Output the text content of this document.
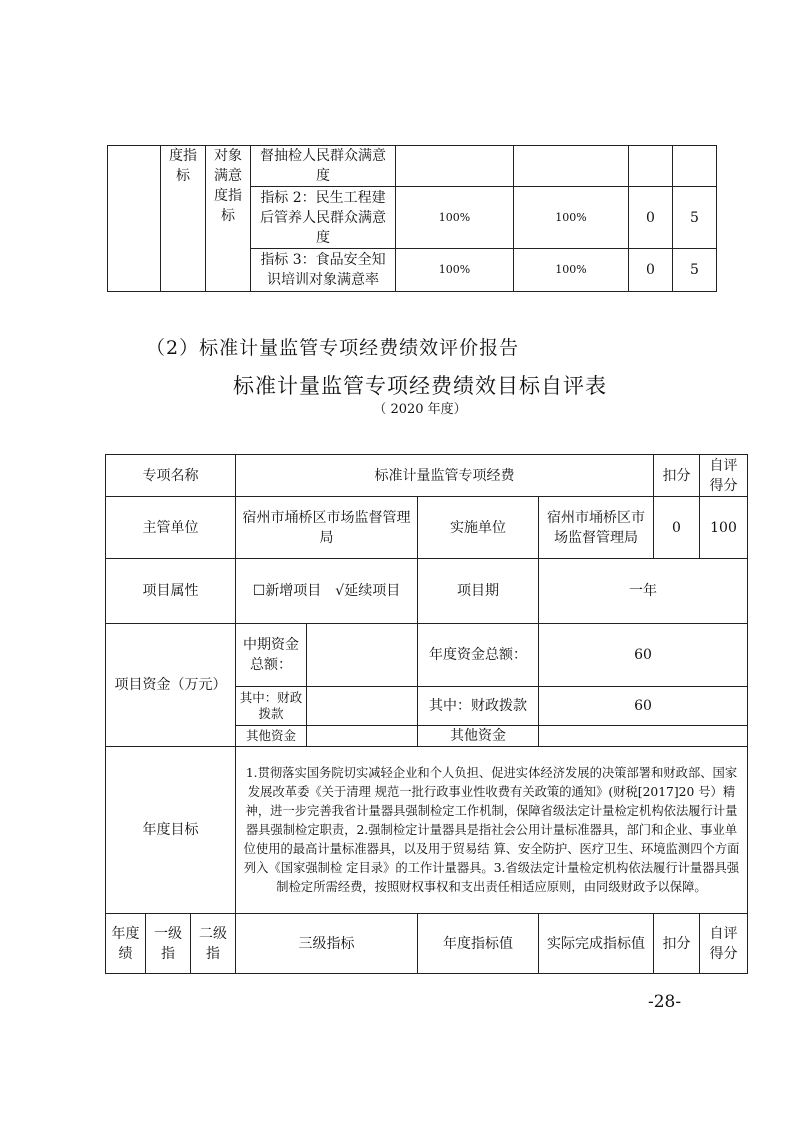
	度指标	对象满意度指标	督抽检人民群众满意度				
			指标 2：民生工程建后管养人民群众满意度	100%	100%	0	5
			指标 3：食品安全知识培训对象满意率	100%	100%	0	5
（2）标准计量监管专项经费绩效评价报告
标准计量监管专项经费绩效目标自评表
（ 2020 年度）
专项名称			标准计量监管专项经费				扣分	自评得分
主管单位			宿州市埇桥区市场监督管理局		实施单位	宿州市埇桥区市场监督管理局	0	100
项目属性			☐新增项目　√延续项目		项目期	一年		
项目资金（万元）			中期资金总额：		年度资金总额：	60		
			其中：财政拨款		其中：财政拨款	60		
			其他资金		其他资金			
年度目标			1.贯彻落实国务院切实减轻企业和个人负担、促进实体经济发展的决策部署和财政部、国家发展改革委《关于清理 规范一批行政事业性收费有关政策的通知》(财税[2017]20 号）精神，进一步完善我省计量器具强制检定工作机制，保障省级法定计量检定机构依法履行计量器具强制检定职责，2.强制检定计量器具是指社会公用计量标准器具，部门和企业、事业单位使用的最高计量标准器具，以及用于贸易结 算、安全防护、医疗卫生、环境监测四个方面列入《国家强制检 定目录》的工作计量器具。3.省级法定计量检定机构依法履行计量器具强制检定所需经费，按照财权事权和支出责任相适应原则，由同级财政予以保障。					
年度绩	一级指	二级指	三级指标		年度指标值	实际完成指标值	扣分	自评得分
-28-
